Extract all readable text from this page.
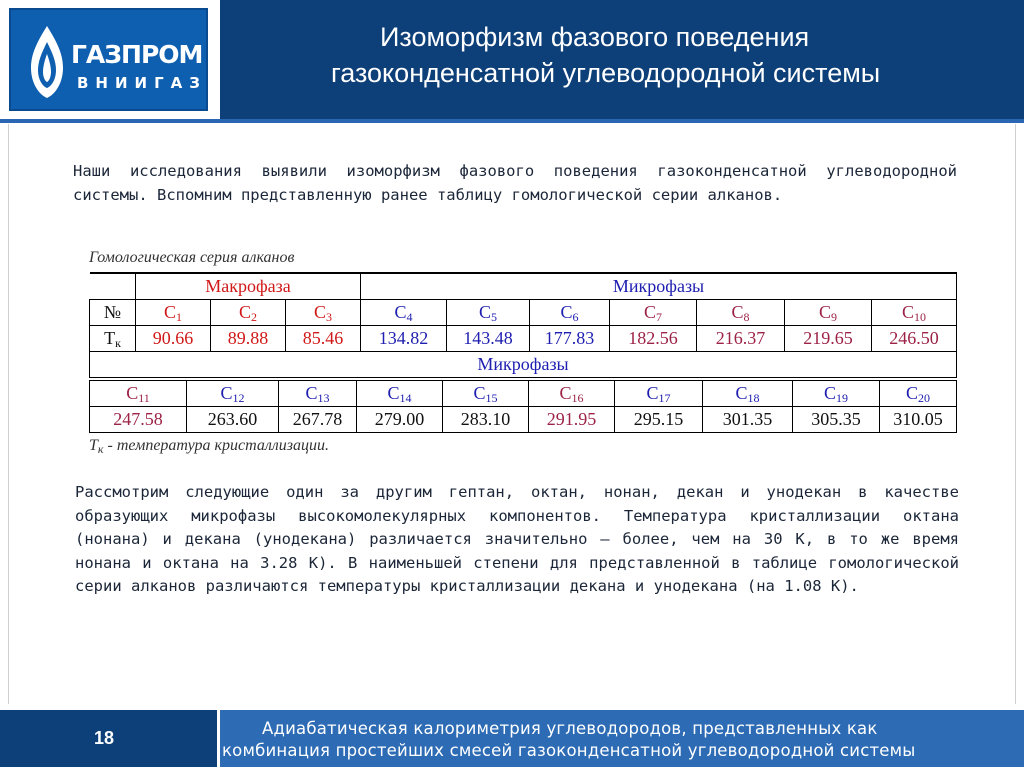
ГАЗПРОМ
ВНИИГАЗ
Изоморфизм фазового поведения
газоконденсатной углеводородной системы
Наши исследования выявили изоморфизм фазового поведения газоконденсатной углеводородной системы. Вспомним представленную ранее таблицу гомологической серии алканов.
Гомологическая серия алканов
	Макрофаза			Микрофазы						
№	$C_1$	$C_2$	$C_3$	$C_4$	$C_5$	$C_6$	$C_7$	$C_8$	$C_9$	$C_{10}$
$Т_к$	90.66	89.88	85.46	134.82	143.48	177.83	182.56	216.37	219.65	246.50
Микрофазы										
$C_{11}$	$C_{12}$	$C_{13}$	$C_{14}$	$C_{15}$	$C_{16}$	$C_{17}$	$C_{18}$	$C_{19}$	$C_{20}$
247.58	263.60	267.78	279.00	283.10	291.95	295.15	301.35	305.35	310.05
$Т_к$ - температура кристаллизации.
Рассмотрим следующие один за другим гептан, октан, нонан, декан и унодекан в качестве образующих микрофазы высокомолекулярных компонентов. Температура кристаллизации октана (нонана) и декана (унодекана) различается значительно – более, чем на 30 К, в то же время нонана и октана на 3.28 К). В наименьшей степени для представленной в таблице гомологической серии алканов различаются температуры кристаллизации декана и унодекана (на 1.08 К).
18	Адиабатическая калориметрия углеводородов, представленных как
комбинация простейших смесей газоконденсатной углеводородной системы
